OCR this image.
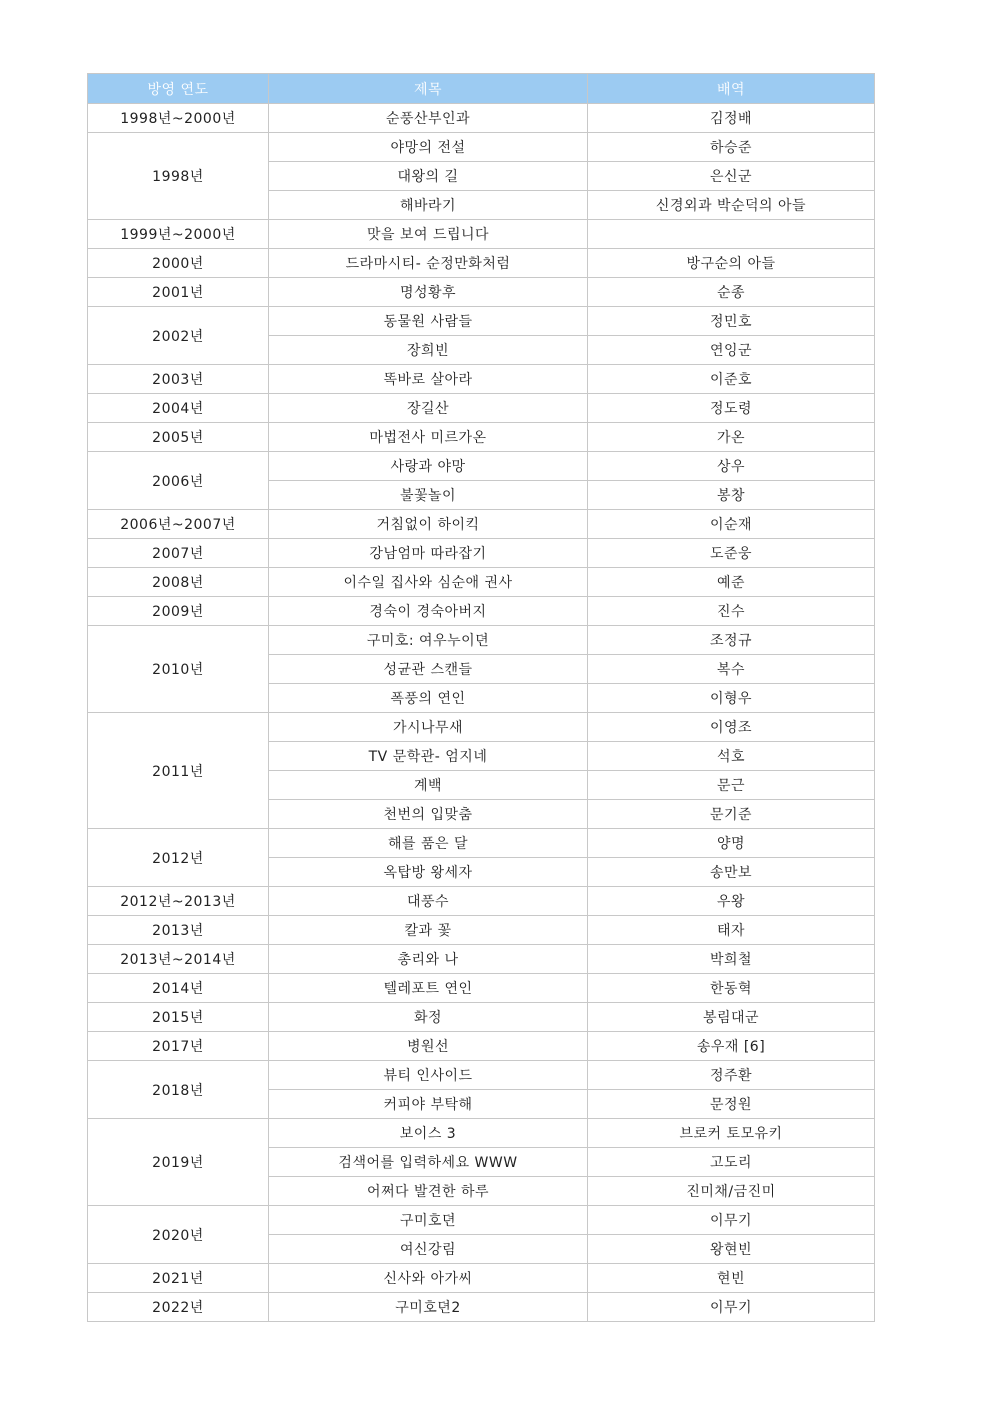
방영 연도	제목	배역
1998년~2000년	순풍산부인과	김정배
1998년	야망의 전설	하승준
	대왕의 길	은신군
	해바라기	신경외과 박순덕의 아들
1999년~2000년	맛을 보여 드립니다	
2000년	드라마시티- 순정만화처럼	방구순의 아들
2001년	명성황후	순종
2002년	동물원 사람들	정민호
	장희빈	연잉군
2003년	똑바로 살아라	이준호
2004년	장길산	정도령
2005년	마법전사 미르가온	가온
2006년	사랑과 야망	상우
	불꽃놀이	봉창
2006년~2007년	거침없이 하이킥	이순재
2007년	강남엄마 따라잡기	도준웅
2008년	이수일 집사와 심순애 권사	예준
2009년	경숙이 경숙아버지	진수
2010년	구미호: 여우누이뎐	조정규
	성균관 스캔들	복수
	폭풍의 연인	이형우
2011년	가시나무새	이영조
	TV 문학관- 엄지네	석호
	계백	문근
	천번의 입맞춤	문기준
2012년	해를 품은 달	양명
	옥탑방 왕세자	송만보
2012년~2013년	대풍수	우왕
2013년	칼과 꽃	태자
2013년~2014년	총리와 나	박희철
2014년	텔레포트 연인	한동혁
2015년	화정	봉림대군
2017년	병원선	송우재 [6]
2018년	뷰티 인사이드	정주환
	커피야 부탁해	문정원
2019년	보이스 3	브로커 토모유키
	검색어를 입력하세요 WWW	고도리
	어쩌다 발견한 하루	진미채/금진미
2020년	구미호뎐	이무기
	여신강림	왕현빈
2021년	신사와 아가씨	현빈
2022년	구미호뎐2	이무기
